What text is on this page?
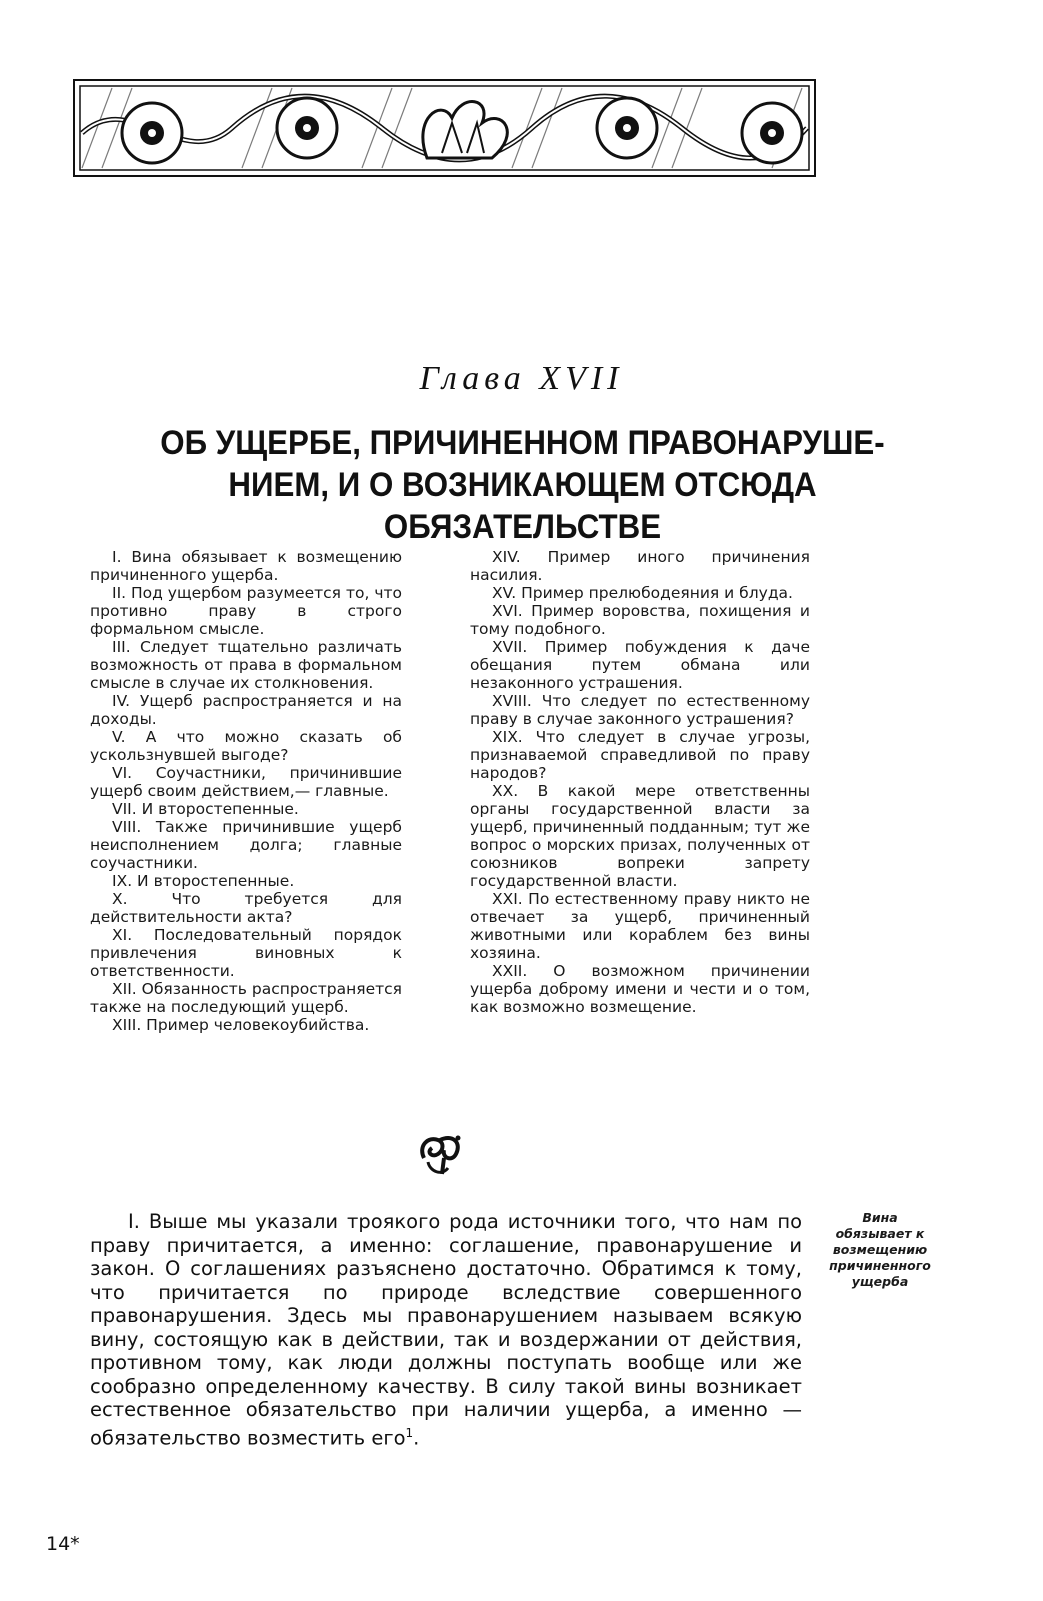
Глава XVII
ОБ УЩЕРБЕ, ПРИЧИНЕННОМ ПРАВОНАРУШЕ-
НИЕМ, И О ВОЗНИКАЮЩЕМ ОТСЮДА
ОБЯЗАТЕЛЬСТВЕ

I. Вина обязывает к возмещению причиненного ущерба.

II. Под ущербом разумеется то, что противно праву в строго формальном смысле.

III. Следует тщательно различать возможность от права в формальном смысле в случае их столкновения.

IV. Ущерб распространяется и на доходы.

V. А что можно сказать об ускользнувшей выгоде?

VI. Соучастники, причинившие ущерб своим действием,— главные.

VII. И второстепенные.

VIII. Также причинившие ущерб неисполнением долга; главные соучастники.

IX. И второстепенные.

X. Что требуется для действительности акта?

XI. Последовательный порядок привлечения виновных к ответственности.

XII. Обязанность распространяется также на последующий ущерб.

XIII. Пример человекоубийства.

XIV. Пример иного причинения насилия.

XV. Пример прелюбодеяния и блуда.

XVI. Пример воровства, похищения и тому подобного.

XVII. Пример побуждения к даче обещания путем обмана или незаконного устрашения.

XVIII. Что следует по естественному праву в случае законного устрашения?

XIX. Что следует в случае угрозы, признаваемой справедливой по праву народов?

XX. В какой мере ответственны органы государственной власти за ущерб, причиненный подданным; тут же вопрос о морских призах, полученных от союзников вопреки запрету государственной власти.

XXI. По естественному праву никто не отвечает за ущерб, причиненный животными или кораблем без вины хозяина.

XXII. О возможном причинении ущерба доброму имени и чести и о том, как возможно возмещение.

I. Выше мы указали троякого рода источники того, что нам по праву причитается, а именно: соглашение, правонарушение и закон. О соглашениях разъяснено достаточно. Обратимся к тому, что причитается по природе вследствие совершенного правонарушения. Здесь мы правонарушением называем всякую вину, состоящую как в действии, так и воздержании от действия, противном тому, как люди должны поступать вообще или же сообразно определенному качеству. В силу такой вины возникает естественное обязательство при наличии ущерба, а именно — обязательство возместить его$^1$.

Вина обязывает к возмещению причиненного ущерба
14*
